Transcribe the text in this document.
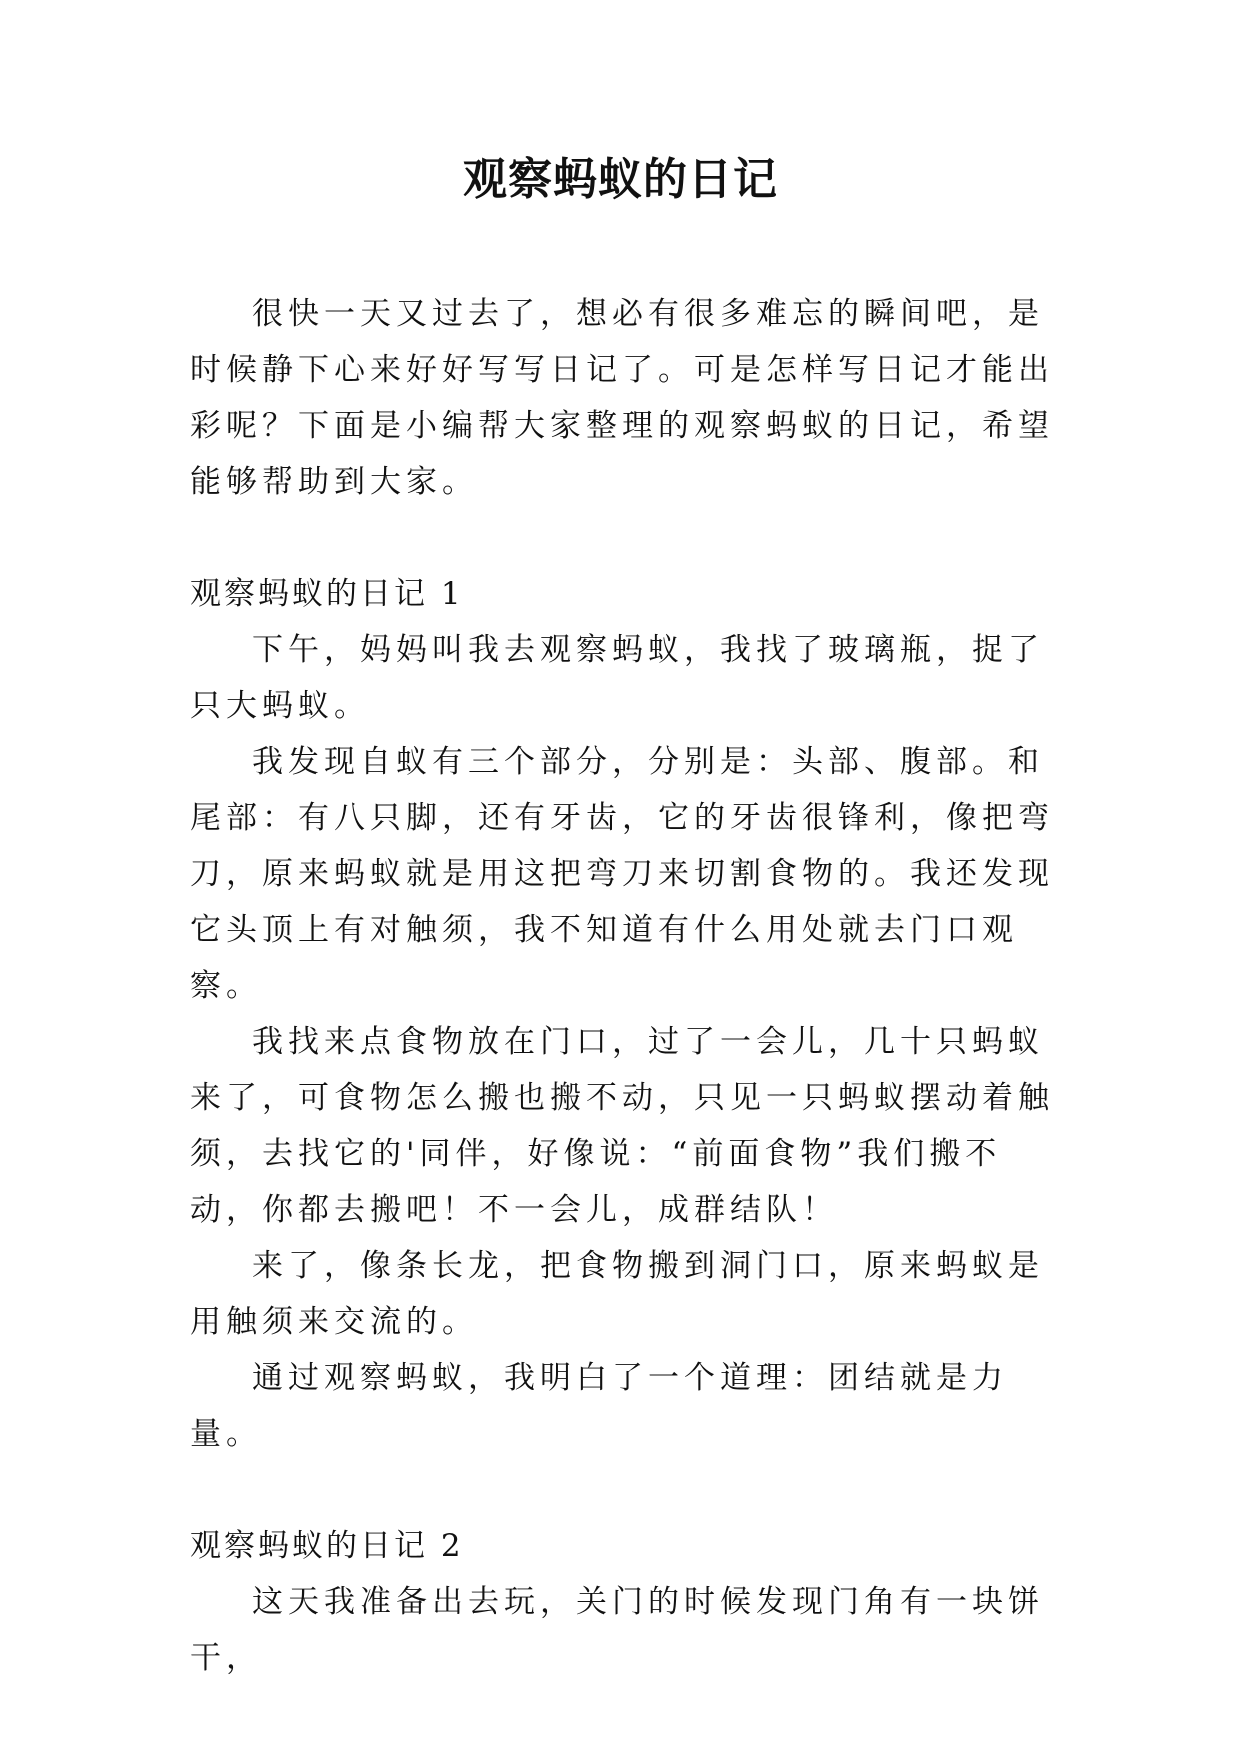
观察蚂蚁的日记

很快一天又过去了，想必有很多难忘的瞬间吧，是时候静下心来好好写写日记了。可是怎样写日记才能出彩呢？下面是小编帮大家整理的观察蚂蚁的日记，希望能够帮助到大家。

观察蚂蚁的日记 1

下午，妈妈叫我去观察蚂蚁，我找了玻璃瓶，捉了只大蚂蚁。

我发现自蚁有三个部分，分别是：头部、腹部。和尾部：有八只脚，还有牙齿，它的牙齿很锋利，像把弯刀，原来蚂蚁就是用这把弯刀来切割食物的。我还发现它头顶上有对触须，我不知道有什么用处就去门口观察。

我找来点食物放在门口，过了一会儿，几十只蚂蚁来了，可食物怎么搬也搬不动，只见一只蚂蚁摆动着触须，去找它的'同伴，好像说：“前面食物”我们搬不动，你都去搬吧！不一会儿，成群结队！

来了，像条长龙，把食物搬到洞门口，原来蚂蚁是用触须来交流的。

通过观察蚂蚁，我明白了一个道理：团结就是力量。

观察蚂蚁的日记 2

这天我准备出去玩，关门的时候发现门角有一块饼干，
